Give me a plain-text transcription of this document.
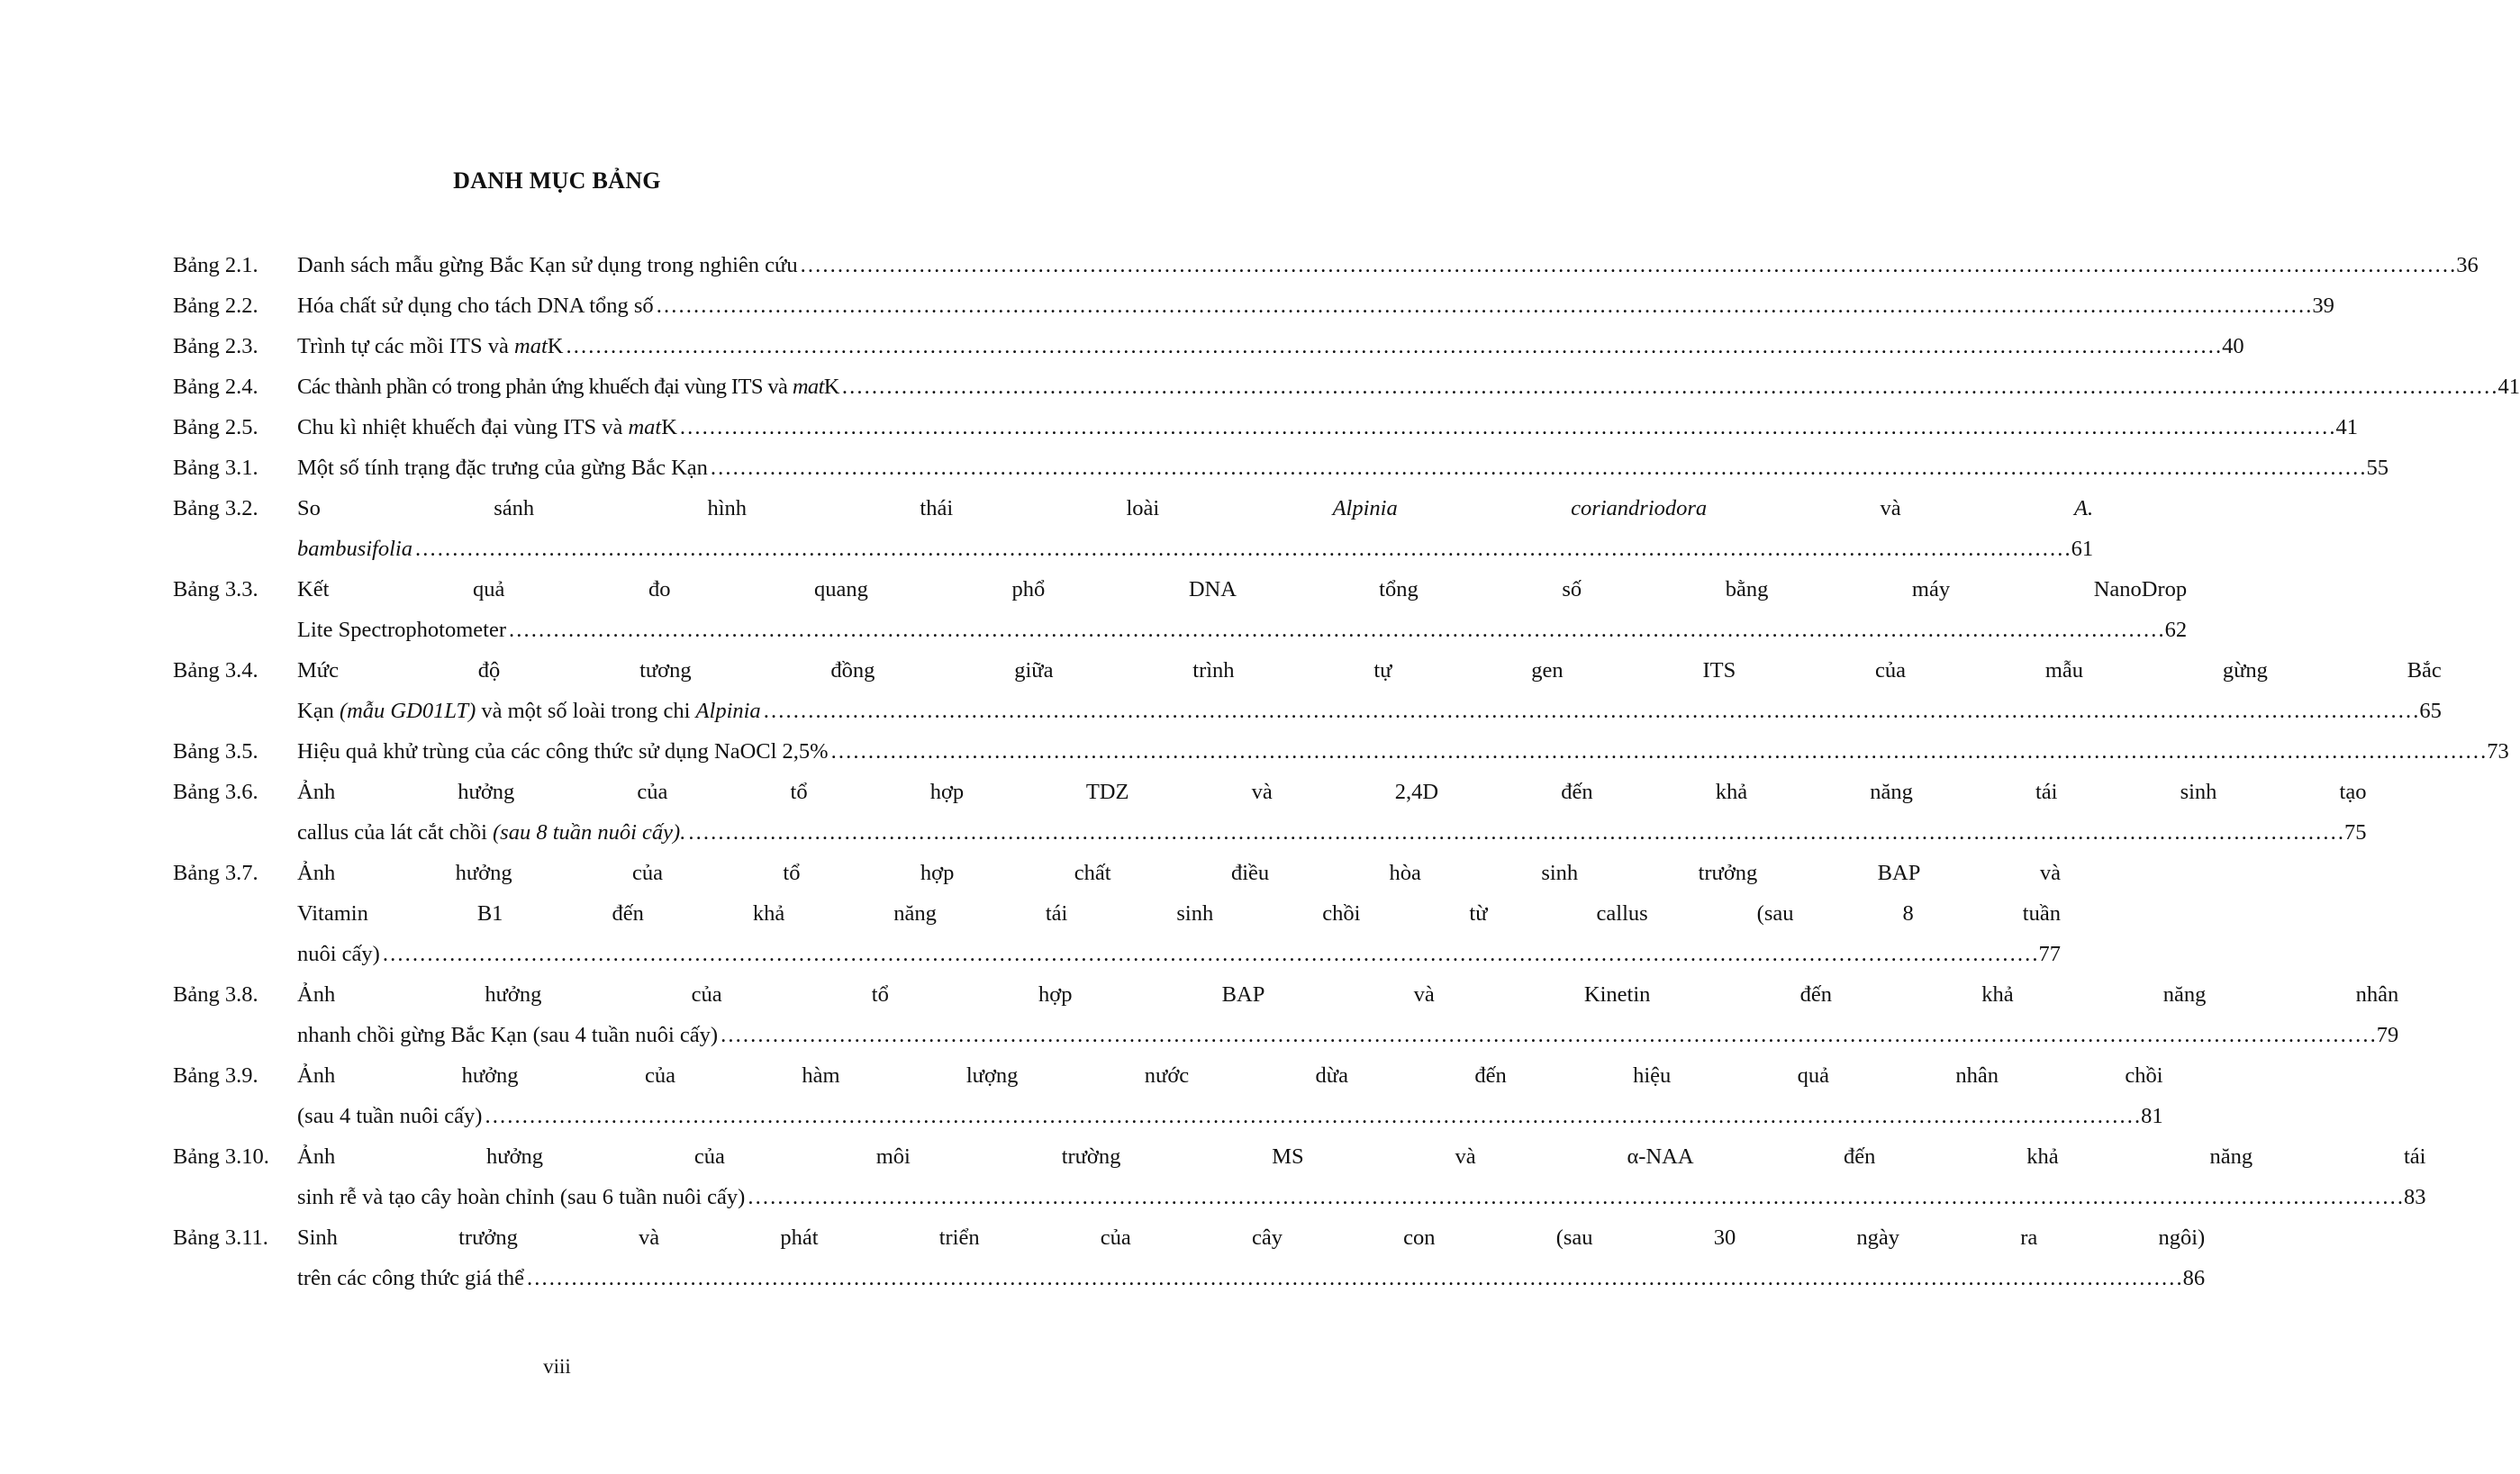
DANH MỤC BẢNG
Bảng 2.1.	Danh sách mẫu gừng Bắc Kạn sử dụng trong nghiên cứu . . .	36
Bảng 2.2.	Hóa chất sử dụng cho tách DNA tổng số . . .	39
Bảng 2.3.	Trình tự các mồi ITS và matK . . .	40
Bảng 2.4.	Các thành phần có trong phản ứng khuếch đại vùng ITS và matK . . .	41
Bảng 2.5.	Chu kì nhiệt khuếch đại vùng ITS và matK . . .	41
Bảng 3.1.	Một số tính trạng đặc trưng của gừng Bắc Kạn . . .	55
Bảng 3.2.	So sánh hình thái loài Alpinia coriandriodora và A.
bambusifolia . . .	61
Bảng 3.3.	Kết quả đo quang phổ DNA tổng số bằng máy NanoDrop
Lite Spectrophotometer . . .	62
Bảng 3.4.	Mức độ tương đồng giữa trình tự gen ITS của mẫu gừng Bắc
Kạn (mẫu GD01LT) và một số loài trong chi Alpinia . . .	65
Bảng 3.5.	Hiệu quả khử trùng của các công thức sử dụng NaOCl 2,5% . . .	73
Bảng 3.6.	Ảnh hưởng của tổ hợp TDZ và 2,4D đến khả năng tái sinh tạo
callus của lát cắt chồi (sau 8 tuần nuôi cấy). . . .	75
Bảng 3.7.	Ảnh hưởng của tổ hợp chất điều hòa sinh trưởng BAP và
Vitamin B1 đến khả năng tái sinh chồi từ callus (sau 8 tuần
nuôi cấy) . . .	77
Bảng 3.8.	Ảnh hưởng của tổ hợp BAP và Kinetin đến khả năng nhân
nhanh chồi gừng Bắc Kạn (sau 4 tuần nuôi cấy) . . .	79
Bảng 3.9.	Ảnh hưởng của hàm lượng nước dừa đến hiệu quả nhân chồi
(sau 4 tuần nuôi cấy) . . .	81
Bảng 3.10.	Ảnh hưởng của môi trường MS và α-NAA đến khả năng tái
sinh rễ và tạo cây hoàn chỉnh (sau 6 tuần nuôi cấy) . . .	83
Bảng 3.11.	Sinh trưởng và phát triển của cây con (sau 30 ngày ra ngôi)
trên các công thức giá thể . . .	86
viii
